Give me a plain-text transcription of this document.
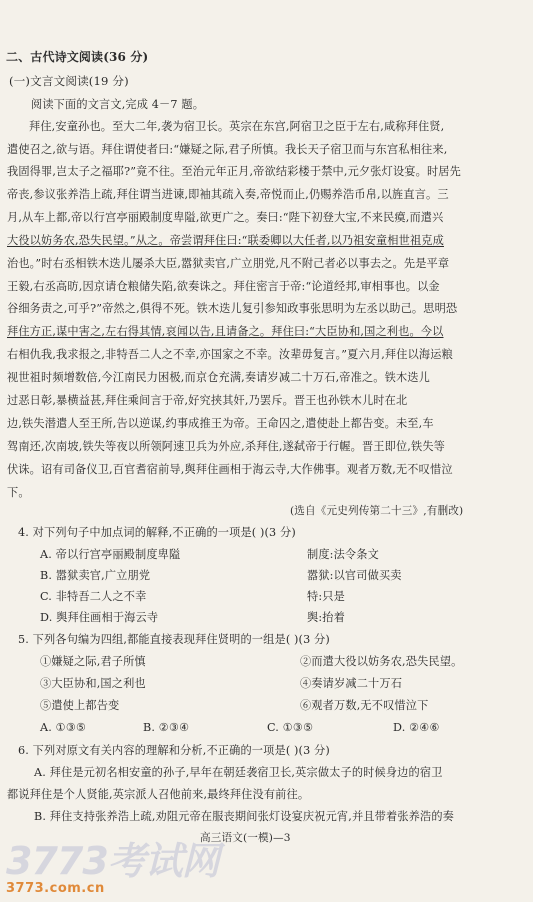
二、古代诗文阅读(36 分)
(一)文言文阅读(19 分)
阅读下面的文言文,完成 4－7 题。
拜住,安童孙也。至大二年,袭为宿卫长。英宗在东宫,阿宿卫之臣于左右,咸称拜住贤,
遣使召之,欲与语。拜住谓使者曰:“嫌疑之际,君子所慎。我长天子宿卫而与东宫私相往来,
我固得罪,岂太子之福耶?”竟不往。至治元年正月,帝欲结彩楼于禁中,元夕张灯设宴。时居先
帝丧,参议张养浩上疏,拜住谓当进谏,即袖其疏入奏,帝悦而止,仍赐养浩币帛,以旌直言。三
月,从车上都,帝以行宫亭丽殿制度卑隘,欲更广之。奏曰:“陛下初登大宝,不来民瘼,而遣兴
大役以妨务农,恐失民望。”从之。帝尝谓拜住曰:“联委卿以大任者,以乃祖安童相世祖克成
治也。”时右丞相铁木迭儿屡杀大臣,嚣狱卖官,广立朋党,凡不附己者必以事去之。先是平章
王毅,右丞高昉,因京请仓粮储失陷,欲奏诛之。拜住密言于帝:“论道经邦,审相事也。以金
谷细务责之,可乎?”帝然之,俱得不死。铁木迭儿复引参知政事张思明为左丞以助己。思明恐
拜住方正,谋中害之,左右得其情,哀闻以告,且请备之。拜住曰:“大臣协和,国之利也。今以
右相仇我,我求报之,非特吾二人之不幸,亦国家之不幸。汝辈毋复言。”夏六月,拜住以海运粮
视世祖时频增数倍,今江南民力困极,而京仓充满,奏请岁减二十万石,帝准之。铁木迭儿
过恶日彰,暴横益甚,拜住乘间言于帝,好究挟其奸,乃罢斥。晋王也孙铁木儿时在北
边,铁失潜遣人至王所,告以逆谋,约事成推王为帝。王命囚之,遣使赴上都告变。未至,车
驾南还,次南坡,铁失等夜以所领阿速卫兵为外应,杀拜住,遂弑帝于行幄。晋王即位,铁失等
伏诛。诏有司备仪卫,百官耆宿前导,舆拜住画相于海云寺,大作佛事。观者万数,无不叹惜泣
下。
(选自《元史列传第二十三》,有删改)
4. 对下列句子中加点词的解释,不正确的一项是( )(3 分)
A. 帝以行宫亭丽殿制度卑隘	制度:法令条文
B. 嚣狱卖官,广立朋党	嚣狱:以官司做买卖
C. 非特吾二人之不幸	特:只是
D. 舆拜住画相于海云寺	舆:抬着
5. 下列各句编为四组,都能直接表现拜住贤明的一组是( )(3 分)
①嫌疑之际,君子所慎	②而遣大役以妨务农,恐失民望。
③大臣协和,国之利也	④奏请岁减二十万石
⑤遣使上都告变	⑥观者万数,无不叹惜泣下
A. ①③⑤	B. ②③④	C. ①③⑤	D. ②④⑥
6. 下列对原文有关内容的理解和分析,不正确的一项是( )(3 分)
A. 拜住是元初名相安童的孙子,早年在朝廷袭宿卫长,英宗做太子的时候身边的宿卫
都说拜住是个人贤能,英宗派人召他前来,最终拜住没有前往。
B. 拜住支持张养浩上疏,劝阻元帝在服丧期间张灯设宴庆祝元宵,并且带着张养浩的奏
高三语文(一模)—3
3773考试网
3773.com.cn
